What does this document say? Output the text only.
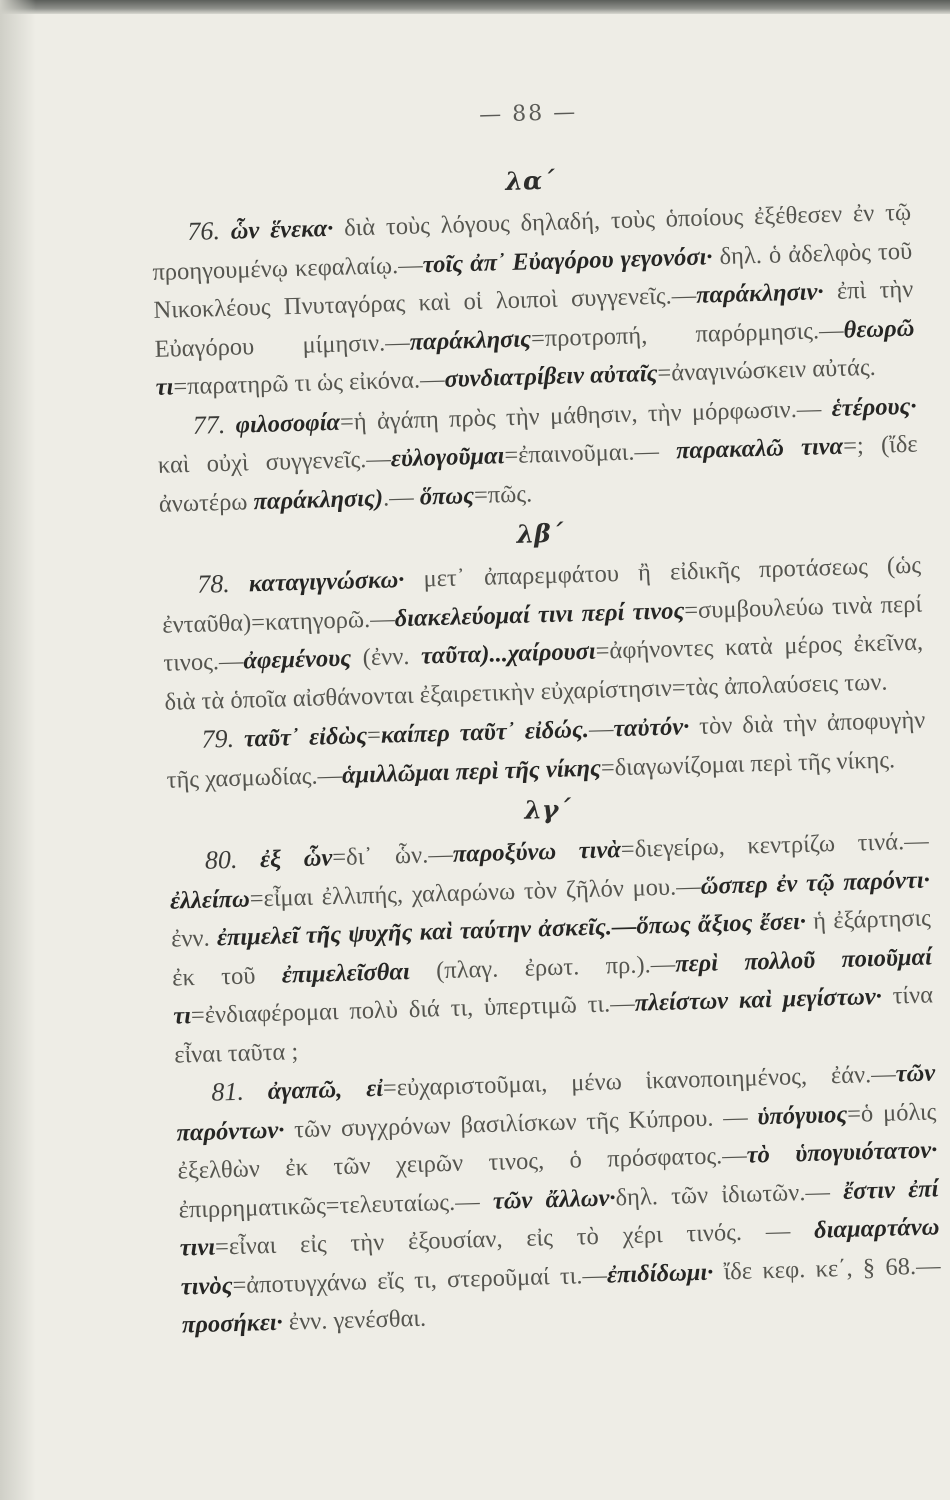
— 88 —
λα΄

76. ὧν ἕνεκα· διὰ τοὺς λόγους δηλαδή, τοὺς ὁποίους ἐξέθεσεν ἐν τῷ προηγουμένῳ κεφαλαίῳ.—τοῖς ἀπ᾽ Εὐαγόρου γεγονόσι· δηλ. ὁ ἀδελφὸς τοῦ Νικοκλέους Πνυταγόρας καὶ οἱ λοιποὶ συγγενεῖς.—παράκλησιν· ἐπὶ τὴν Εὐαγόρου μίμησιν.—παράκλησις=προτροπή, παρόρμησις.—θεωρῶ τι=παρατηρῶ τι ὡς εἰκόνα.—συνδιατρίβειν αὐταῖς=ἀναγινώσκειν αὐτάς.

77. φιλοσοφία=ἡ ἀγάπη πρὸς τὴν μάθησιν, τὴν μόρφωσιν.— ἑτέρους· καὶ οὐχὶ συγγενεῖς.—εὐλογοῦμαι=ἐπαινοῦμαι.— παρακαλῶ τινα=; (ἴδε ἀνωτέρω παράκλησις).— ὅπως=πῶς.

λβ΄

78. καταγιγνώσκω· μετ᾽ ἀπαρεμφάτου ἢ εἰδικῆς προτάσεως (ὡς ἐνταῦθα)=κατηγορῶ.—διακελεύομαί τινι περί τινος=συμβουλεύω τινὰ περί τινος.—ἀφεμένους (ἐνν. ταῦτα)...χαίρουσι=ἀφήνοντες κατὰ μέρος ἐκεῖνα, διὰ τὰ ὁποῖα αἰσθάνονται ἐξαιρετικὴν εὐχαρίστησιν=τὰς ἀπολαύσεις των.

79. ταῦτ᾽ εἰδὼς=καίπερ ταῦτ᾽ εἰδώς.—ταὐτόν· τὸν διὰ τὴν ἀποφυγὴν τῆς χασμωδίας.—ἁμιλλῶμαι περὶ τῆς νίκης=διαγωνίζομαι περὶ τῆς νίκης.

λγ΄

80. ἐξ ὧν=δι᾽ ὧν.—παροξύνω τινὰ=διεγείρω, κεντρίζω τινά.—ἐλλείπω=εἶμαι ἐλλιπής, χαλαρώνω τὸν ζῆλόν μου.—ὥσπερ ἐν τῷ παρόντι· ἐνν. ἐπιμελεῖ τῆς ψυχῆς καὶ ταύτην ἀσκεῖς.—ὅπως ἄξιος ἔσει· ἡ ἐξάρτησις ἐκ τοῦ ἐπιμελεῖσθαι (πλαγ. ἐρωτ. πρ.).—περὶ πολλοῦ ποιοῦμαί τι=ἐνδιαφέρομαι πολὺ διά τι, ὑπερτιμῶ τι.—πλείστων καὶ μεγίστων· τίνα εἶναι ταῦτα ;

81. ἀγαπῶ, εἰ=εὐχαριστοῦμαι, μένω ἱκανοποιημένος, ἐάν.—τῶν παρόντων· τῶν συγχρόνων βασιλίσκων τῆς Κύπρου. — ὑπόγυιος=ὁ μόλις ἐξελθὼν ἐκ τῶν χειρῶν τινος, ὁ πρόσφατος.—τὸ ὑπογυιότατον· ἐπιρρηματικῶς=τελευταίως.— τῶν ἄλλων·δηλ. τῶν ἰδιωτῶν.— ἔστιν ἐπί τινι=εἶναι εἰς τὴν ἐξουσίαν, εἰς τὸ χέρι τινός. — διαμαρτάνω τινὸς=ἀποτυγχάνω εἴς τι, στεροῦμαί τι.—ἐπιδίδωμι· ἴδε κεφ. κε΄, § 68.— προσήκει· ἐνν. γενέσθαι.
